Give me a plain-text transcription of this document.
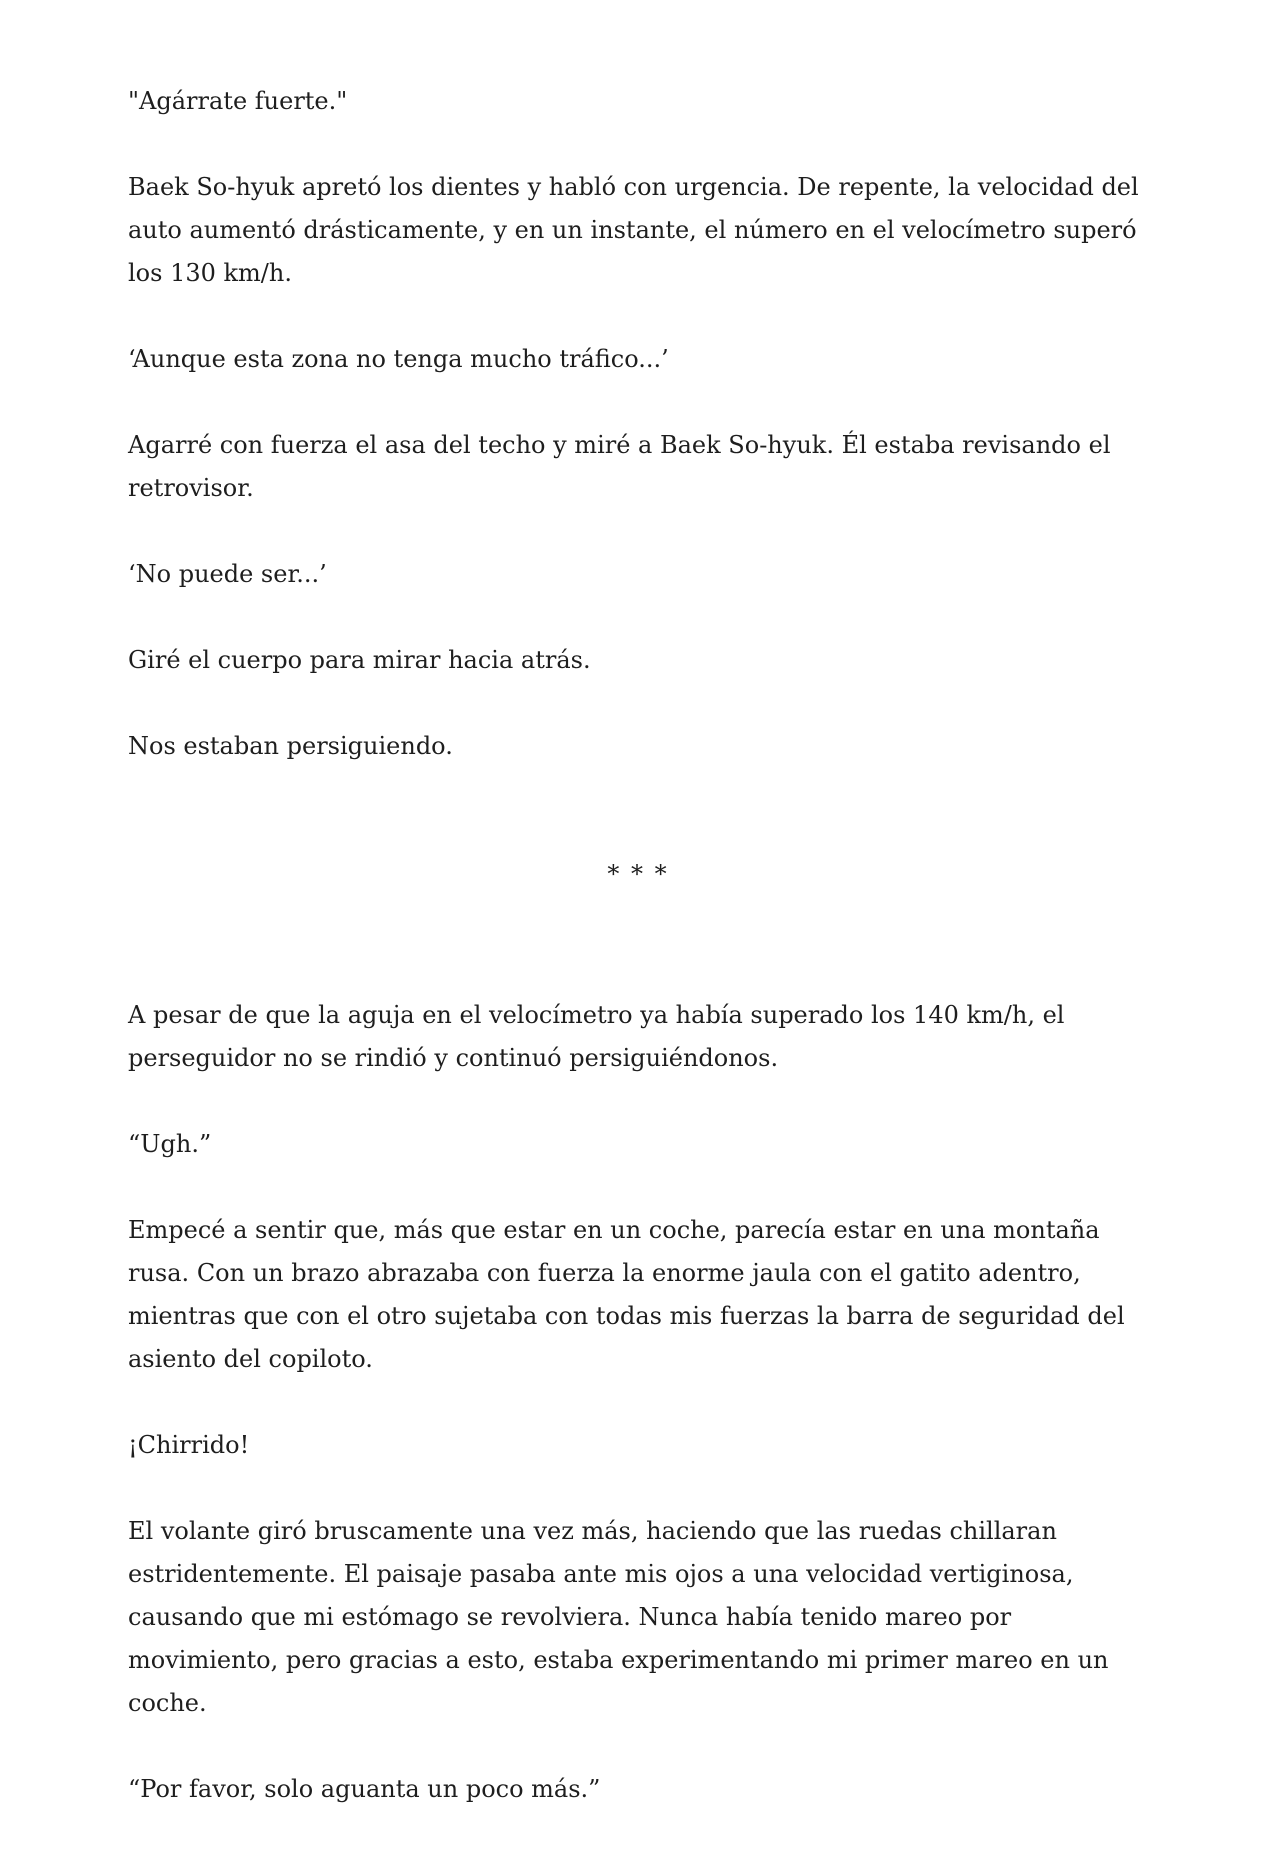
"Agárrate fuerte."

Baek So-hyuk apretó los dientes y habló con urgencia. De repente, la velocidad del auto aumentó drásticamente, y en un instante, el número en el velocímetro superó los 130 km/h.

‘Aunque esta zona no tenga mucho tráfico...’

Agarré con fuerza el asa del techo y miré a Baek So-hyuk. Él estaba revisando el retrovisor.

‘No puede ser...’

Giré el cuerpo para mirar hacia atrás.

Nos estaban persiguiendo.

* * *

A pesar de que la aguja en el velocímetro ya había superado los 140 km/h, el perseguidor no se rindió y continuó persiguiéndonos.

“Ugh.”

Empecé a sentir que, más que estar en un coche, parecía estar en una montaña rusa. Con un brazo abrazaba con fuerza la enorme jaula con el gatito adentro, mientras que con el otro sujetaba con todas mis fuerzas la barra de seguridad del asiento del copiloto.

¡Chirrido!

El volante giró bruscamente una vez más, haciendo que las ruedas chillaran estridentemente. El paisaje pasaba ante mis ojos a una velocidad vertiginosa, causando que mi estómago se revolviera. Nunca había tenido mareo por movimiento, pero gracias a esto, estaba experimentando mi primer mareo en un coche.

“Por favor, solo aguanta un poco más.”
